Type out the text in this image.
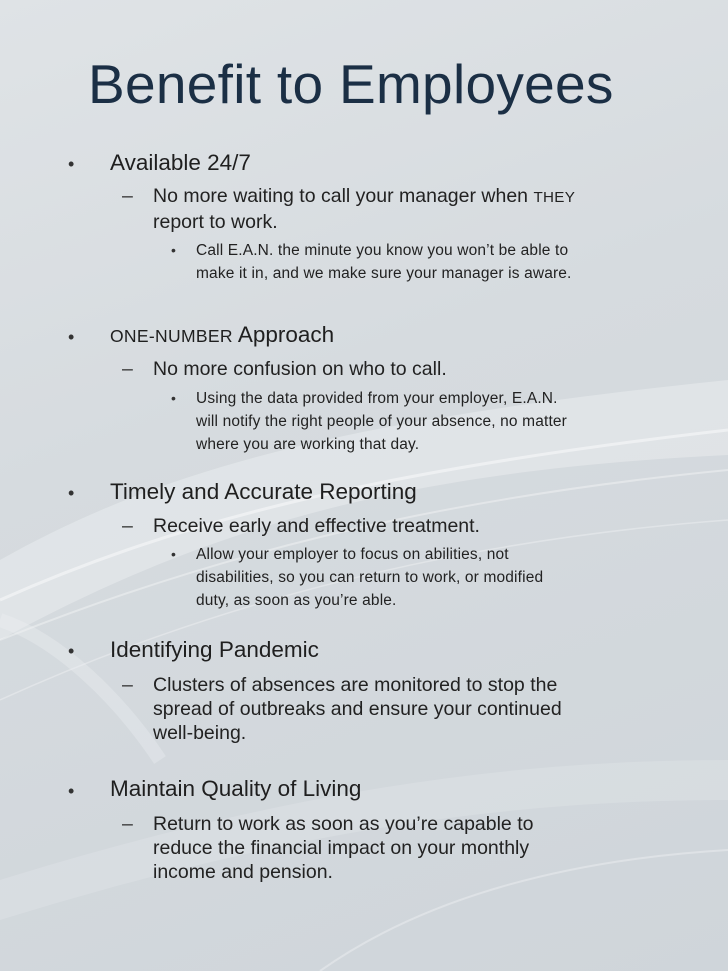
Benefit to Employees
• Available 24/7
– No more waiting to call your manager when THEY
report to work.
• Call E.A.N. the minute you know you won’t be able to
make it in, and we make sure your manager is aware.
• ONE-NUMBER Approach
– No more confusion on who to call.
• Using the data provided from your employer, E.A.N.
will notify the right people of your absence, no matter
where you are working that day.
• Timely and Accurate Reporting
– Receive early and effective treatment.
• Allow your employer to focus on abilities, not
disabilities, so you can return to work, or modified
duty, as soon as you’re able.
• Identifying Pandemic
– Clusters of absences are monitored to stop the
spread of outbreaks and ensure your continued
well-being.
• Maintain Quality of Living
– Return to work as soon as you’re capable to
reduce the financial impact on your monthly
income and pension.
